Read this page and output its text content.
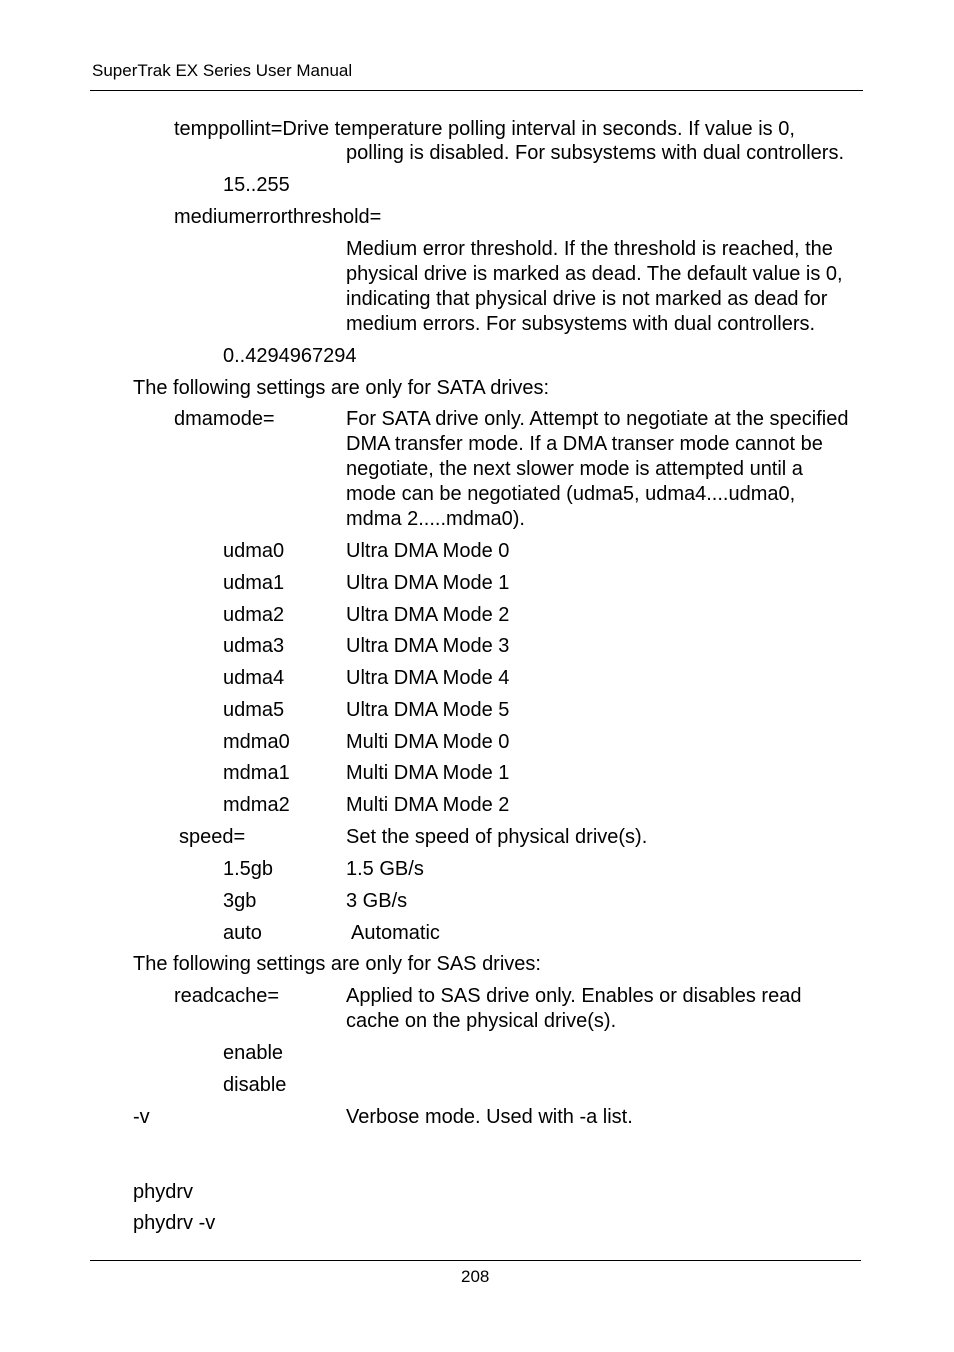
SuperTrak EX Series User Manual
temppollint=Drive temperature polling interval in seconds. If value is 0,
polling is disabled. For subsystems with dual controllers.
15..255
mediumerrorthreshold=
Medium error threshold. If the threshold is reached, the
physical drive is marked as dead. The default value is 0,
indicating that physical drive is not marked as dead for
medium errors. For subsystems with dual controllers.
0..4294967294
The following settings are only for SATA drives:
dmamode=	For SATA drive only. Attempt to negotiate at the specified
DMA transfer mode. If a DMA transer mode cannot be
negotiate, the next slower mode is attempted until a
mode can be negotiated (udma5, udma4....udma0,
mdma 2.....mdma0).
udma0	Ultra DMA Mode 0
udma1	Ultra DMA Mode 1
udma2	Ultra DMA Mode 2
udma3	Ultra DMA Mode 3
udma4	Ultra DMA Mode 4
udma5	Ultra DMA Mode 5
mdma0	Multi DMA Mode 0
mdma1	Multi DMA Mode 1
mdma2	Multi DMA Mode 2
speed=	Set the speed of physical drive(s).
1.5gb	1.5 GB/s
3gb	3 GB/s
auto	Automatic
The following settings are only for SAS drives:
readcache=	Applied to SAS drive only. Enables or disables read
cache on the physical drive(s).
enable
disable
-v	Verbose mode. Used with -a list.
phydrv
phydrv -v
208
